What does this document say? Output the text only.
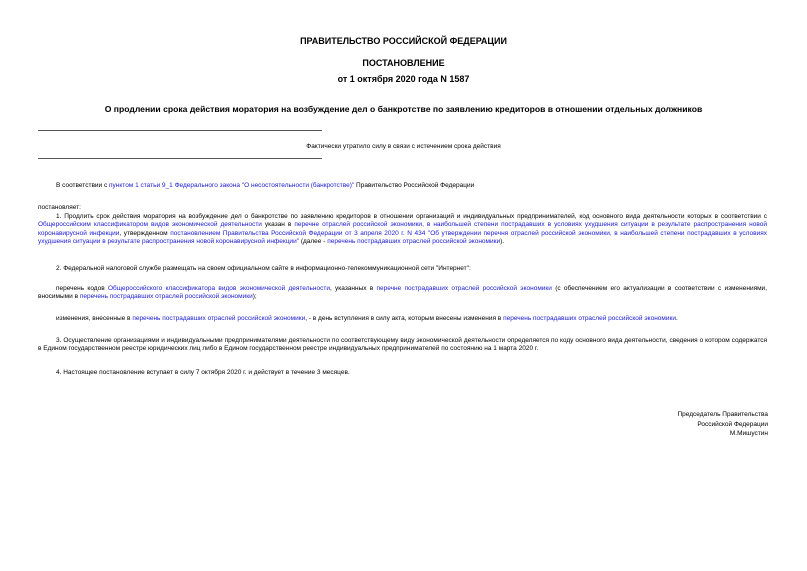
ПРАВИТЕЛЬСТВО РОССИЙСКОЙ ФЕДЕРАЦИИ
ПОСТАНОВЛЕНИЕ
от 1 октября 2020 года N 1587
О продлении срока действия моратория на возбуждение дел о банкротстве по заявлению кредиторов в отношении отдельных должников
Фактически утратило силу в связи с истечением срока действия
В соответствии с пунктом 1 статьи 9_1 Федерального закона "О несостоятельности (банкротстве)" Правительство Российской Федерации
постановляет:
1. Продлить срок действия моратория на возбуждение дел о банкротстве по заявлению кредиторов в отношении организаций и индивидуальных предпринимателей, код основного вида деятельности которых в соответствии с Общероссийским классификатором видов экономической деятельности указан в перечне отраслей российской экономики, в наибольшей степени пострадавших в условиях ухудшения ситуации в результате распространения новой коронавирусной инфекции, утвержденном постановлением Правительства Российской Федерации от 3 апреля 2020 г. N 434 "Об утверждении перечня отраслей российской экономики, в наибольшей степени пострадавших в условиях ухудшения ситуации в результате распространения новой коронавирусной инфекции" (далее - перечень пострадавших отраслей российской экономики).
2. Федеральной налоговой службе размещать на своем официальном сайте в информационно-телекоммуникационной сети "Интернет":
перечень кодов Общероссийского классификатора видов экономической деятельности, указанных в перечне пострадавших отраслей российской экономики (с обеспечением его актуализации в соответствии с изменениями, вносимыми в перечень пострадавших отраслей российской экономики);
изменения, внесенные в перечень пострадавших отраслей российской экономики, - в день вступления в силу акта, которым внесены изменения в перечень пострадавших отраслей российской экономики.
3. Осуществление организациями и индивидуальными предпринимателями деятельности по соответствующему виду экономической деятельности определяется по коду основного вида деятельности, сведения о котором содержатся в Едином государственном реестре юридических лиц либо в Едином государственном реестре индивидуальных предпринимателей по состоянию на 1 марта 2020 г.
4. Настоящее постановление вступает в силу 7 октября 2020 г. и действует в течение 3 месяцев.
Председатель Правительства
Российской Федерации
М.Мишустин
